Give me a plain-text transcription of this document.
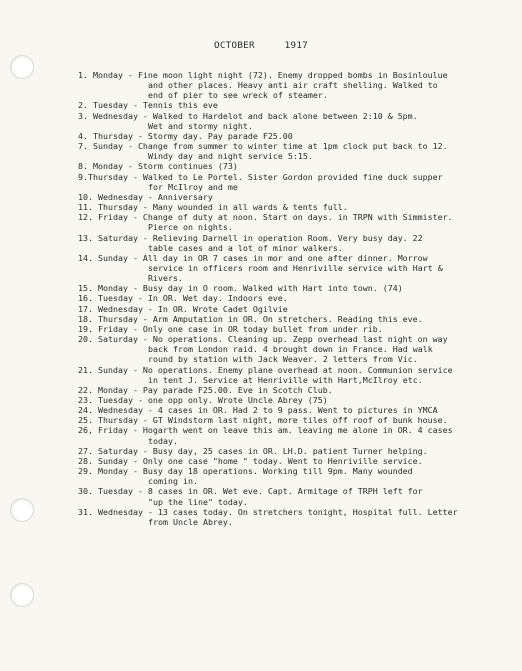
OCTOBER	1917
1. Monday - Fine moon light night (72). Enemy dropped bombs in Bosinloulue
and other places. Heavy anti air craft shelling. Walked to
end of pier to see wreck of steamer.
2. Tuesday - Tennis this eve
3. Wednesday - Walked to Hardelot and back alone between 2:10 & 5pm.
Wet and stormy night.
4. Thursday - Stormy day. Pay parade F25.00
7. Sunday - Change from summer to winter time at 1pm clock put back to 12.
Windy day and night service 5:15.
8. Monday - Storm continues (73)
9.Thursday - Walked to Le Portel. Sister Gordon provided fine duck supper
for McIlroy and me
10. Wednesday - Anniversary
11. Thursday - Many wounded in all wards & tents full.
12. Friday - Change of duty at noon. Start on days. in TRPN with Simmister.
Pierce on nights.
13. Saturday - Relieving Darnell in operation Room. Very busy day. 22
table cases and a lot of minor walkers.
14. Sunday - All day in OR 7 cases in mor and one after dinner. Morrow
service in officers room and Henriville service with Hart &
Rivers.
15. Monday - Busy day in O room. Walked with Hart into town. (74)
16. Tuesday - In OR. Wet day. Indoors eve.
17. Wednesday - In OR. Wrote Cadet Ogilvie
18. Thursday - Arm Amputation in OR. On stretchers. Reading this eve.
19. Friday - Only one case in OR today bullet from under rib.
20. Saturday - No operations. Cleaning up. Zepp overhead last night on way
back from London raid. 4 brought down in France. Had walk
round by station with Jack Weaver. 2 letters from Vic.
21. Sunday - No operations. Enemy plane overhead at noon. Communion service
in tent J. Service at Henriville with Hart,McIlroy etc.
22. Monday - Pay parade F25.00. Eve in Scotch Club.
23. Tuesday - one opp only. Wrote Uncle Abrey (75)
24. Wednesday - 4 cases in OR. Had 2 to 9 pass. Went to pictures in YMCA
25. Thursday - GT Windstorm last night, more tiles off roof of bunk house.
26, Friday - Hogarth went on leave this am. leaving me alone in OR. 4 cases
today.
27. Saturday - Busy day, 25 cases in OR. LH.D. patient Turner helping.
28. Sunday - Only one case "home " today. Went to Henriville service.
29. Monday - Busy day 18 operations. Working till 9pm. Many wounded
coming in.
30. Tuesday - 8 cases in OR. Wet eve. Capt. Armitage of TRPH left for
"up the line" today.
31. Wednesday - 13 cases today. On stretchers tonight, Hospital full. Letter
from Uncle Abrey.
